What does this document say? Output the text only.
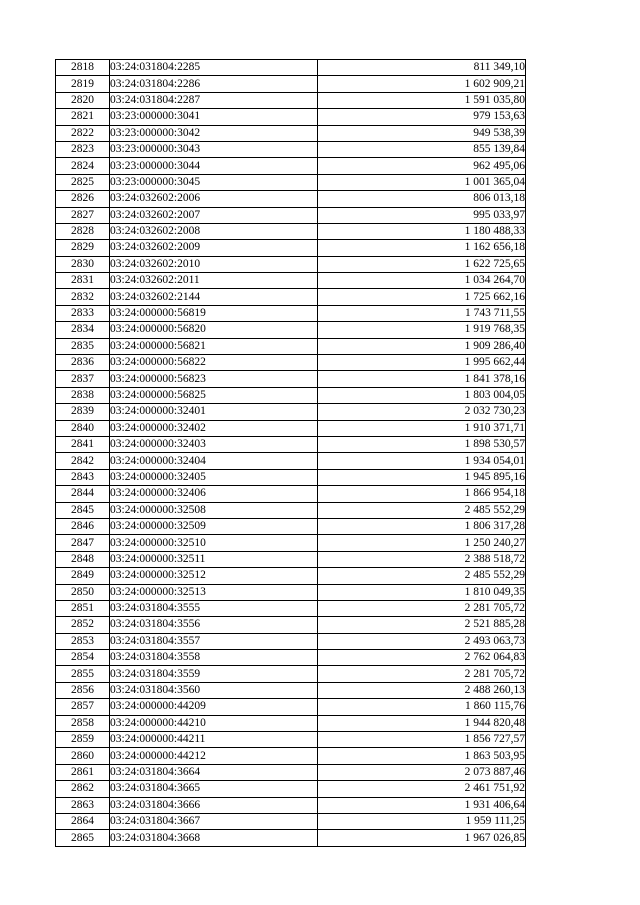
2818	03:24:031804:2285	811 349,10
2819	03:24:031804:2286	1 602 909,21
2820	03:24:031804:2287	1 591 035,80
2821	03:23:000000:3041	979 153,63
2822	03:23:000000:3042	949 538,39
2823	03:23:000000:3043	855 139,84
2824	03:23:000000:3044	962 495,06
2825	03:23:000000:3045	1 001 365,04
2826	03:24:032602:2006	806 013,18
2827	03:24:032602:2007	995 033,97
2828	03:24:032602:2008	1 180 488,33
2829	03:24:032602:2009	1 162 656,18
2830	03:24:032602:2010	1 622 725,65
2831	03:24:032602:2011	1 034 264,70
2832	03:24:032602:2144	1 725 662,16
2833	03:24:000000:56819	1 743 711,55
2834	03:24:000000:56820	1 919 768,35
2835	03:24:000000:56821	1 909 286,40
2836	03:24:000000:56822	1 995 662,44
2837	03:24:000000:56823	1 841 378,16
2838	03:24:000000:56825	1 803 004,05
2839	03:24:000000:32401	2 032 730,23
2840	03:24:000000:32402	1 910 371,71
2841	03:24:000000:32403	1 898 530,57
2842	03:24:000000:32404	1 934 054,01
2843	03:24:000000:32405	1 945 895,16
2844	03:24:000000:32406	1 866 954,18
2845	03:24:000000:32508	2 485 552,29
2846	03:24:000000:32509	1 806 317,28
2847	03:24:000000:32510	1 250 240,27
2848	03:24:000000:32511	2 388 518,72
2849	03:24:000000:32512	2 485 552,29
2850	03:24:000000:32513	1 810 049,35
2851	03:24:031804:3555	2 281 705,72
2852	03:24:031804:3556	2 521 885,28
2853	03:24:031804:3557	2 493 063,73
2854	03:24:031804:3558	2 762 064,83
2855	03:24:031804:3559	2 281 705,72
2856	03:24:031804:3560	2 488 260,13
2857	03:24:000000:44209	1 860 115,76
2858	03:24:000000:44210	1 944 820,48
2859	03:24:000000:44211	1 856 727,57
2860	03:24:000000:44212	1 863 503,95
2861	03:24:031804:3664	2 073 887,46
2862	03:24:031804:3665	2 461 751,92
2863	03:24:031804:3666	1 931 406,64
2864	03:24:031804:3667	1 959 111,25
2865	03:24:031804:3668	1 967 026,85
